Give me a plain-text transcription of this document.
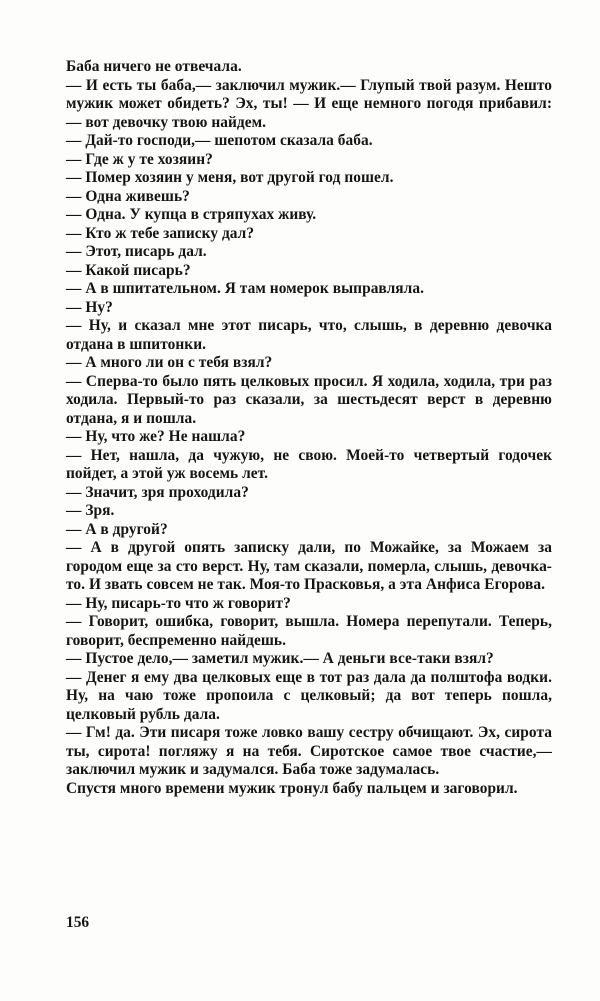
Баба ничего не отвечала.

— И есть ты баба,— заключил мужик.— Глупый твой разум. Нешто мужик может обидеть? Эх, ты! — И еще немного погодя прибавил: — вот девочку твою найдем.

— Дай-то господи,— шепотом сказала баба.

— Где ж у те хозяин?

— Помер хозяин у меня, вот другой год пошел.

— Одна живешь?

— Одна. У купца в стряпухах живу.

— Кто ж тебе записку дал?

— Этот, писарь дал.

— Какой писарь?

— А в шпитательном. Я там номерок выправляла.

— Ну?

— Ну, и сказал мне этот писарь, что, слышь, в деревню девочка отдана в шпитонки.

— А много ли он с тебя взял?

— Сперва-то было пять целковых просил. Я ходила, ходила, три раз ходила. Первый-то раз сказали, за шестьдесят верст в деревню отдана, я и пошла.

— Ну, что же? Не нашла?

— Нет, нашла, да чужую, не свою. Моей-то четвертый годочек пойдет, а этой уж восемь лет.

— Значит, зря проходила?

— Зря.

— А в другой?

— А в другой опять записку дали, по Можайке, за Можаем за городом еще за сто верст. Ну, там сказали, померла, слышь, девочка-то. И звать совсем не так. Моя-то Прасковья, а эта Анфиса Егорова.

— Ну, писарь-то что ж говорит?

— Говорит, ошибка, говорит, вышла. Номера перепутали. Теперь, говорит, беспременно найдешь.

— Пустое дело,— заметил мужик.— А деньги все-таки взял?

— Денег я ему два целковых еще в тот раз дала да полштофа водки. Ну, на чаю тоже пропоила с целковый; да вот теперь пошла, целковый рубль дала.

— Гм! да. Эти писаря тоже ловко вашу сестру обчищают. Эх, сирота ты, сирота! погляжу я на тебя. Сиротское самое твое счастие,— заключил мужик и задумался. Баба тоже задумалась.

Спустя много времени мужик тронул бабу пальцем и заговорил.

156
